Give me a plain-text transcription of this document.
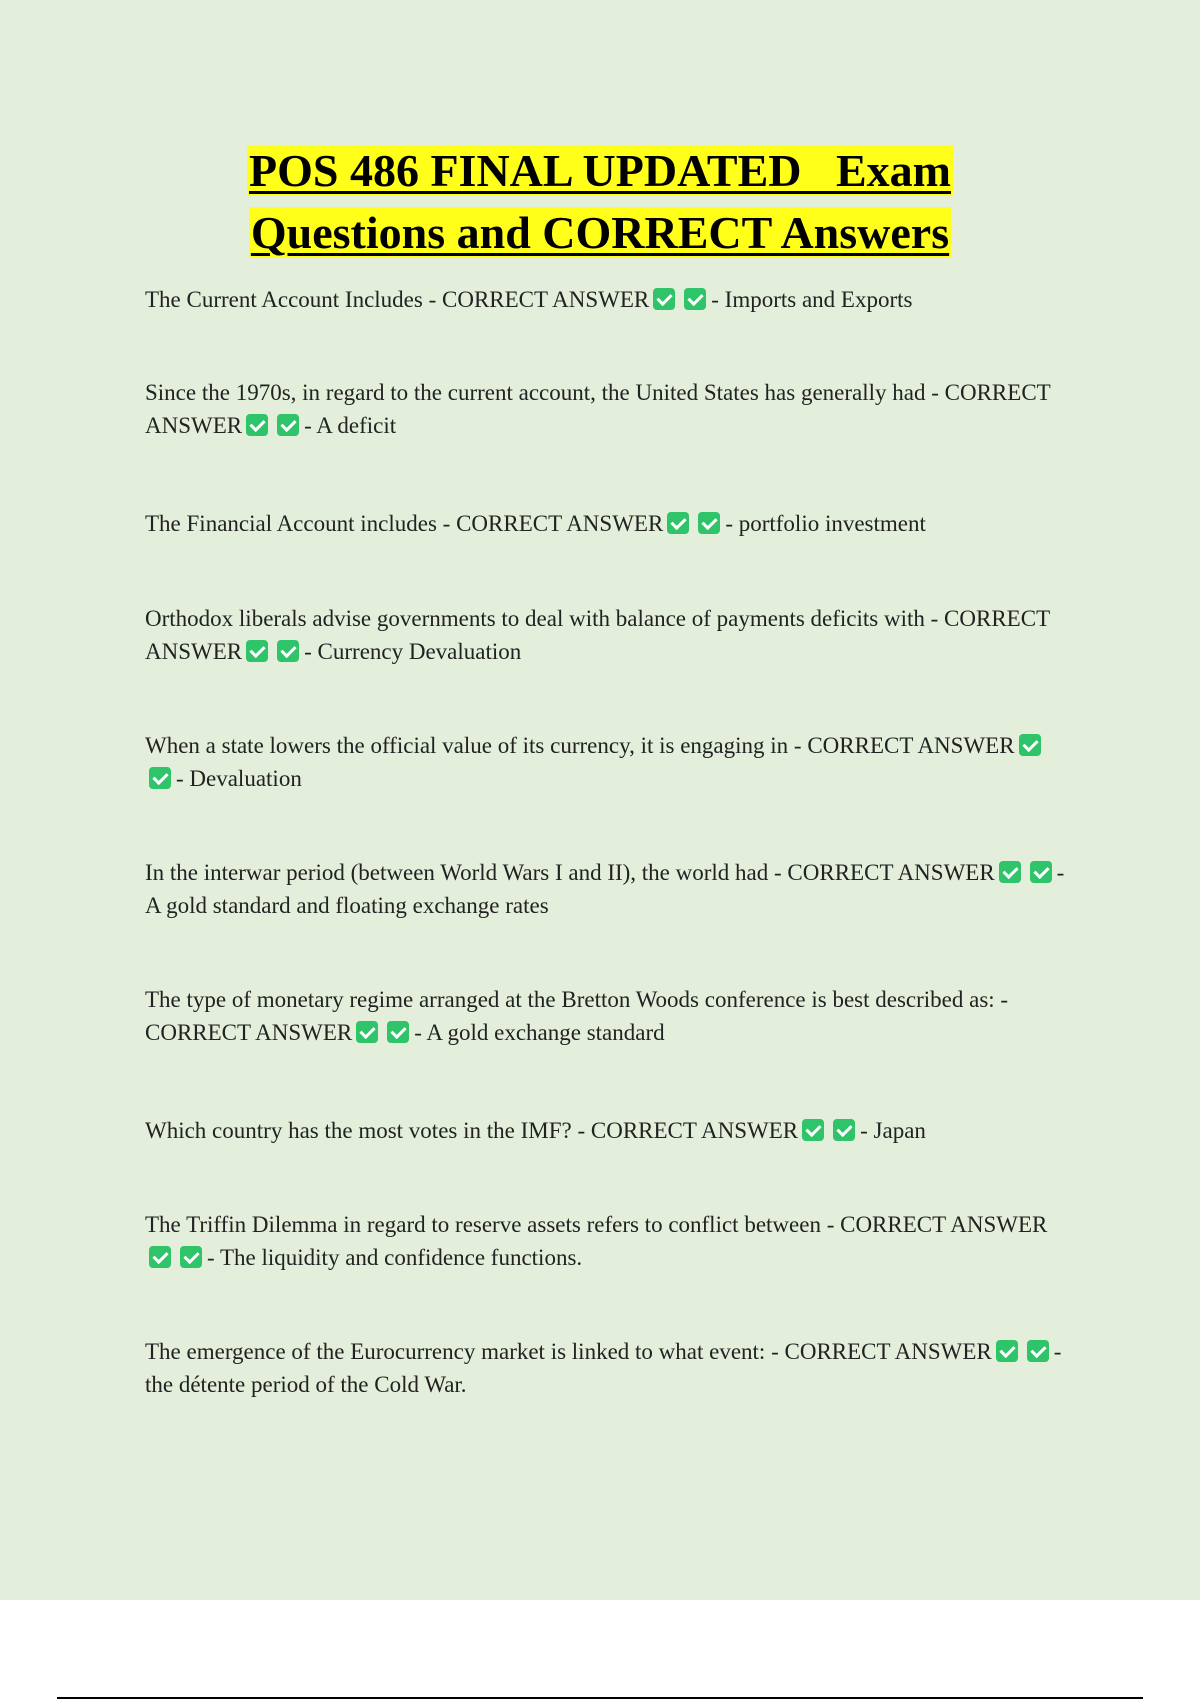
POS 486 FINAL UPDATED   Exam
Questions and CORRECT Answers

The Current Account Includes - CORRECT ANSWER	- Imports and Exports

Since the 1970s, in regard to the current account, the United States has generally had - CORRECT ANSWER	- A deficit

The Financial Account includes - CORRECT ANSWER	- portfolio investment

Orthodox liberals advise governments to deal with balance of payments deficits with - CORRECT ANSWER	- Currency Devaluation

When a state lowers the official value of its currency, it is engaging in - CORRECT ANSWER- Devaluation

In the interwar period (between World Wars I and II), the world had - CORRECT ANSWER	- A gold standard and floating exchange rates

The type of monetary regime arranged at the Bretton Woods conference is best described as: - CORRECT ANSWER	- A gold exchange standard

Which country has the most votes in the IMF? - CORRECT ANSWER	- Japan

The Triffin Dilemma in regard to reserve assets refers to conflict between - CORRECT ANSWER- The liquidity and confidence functions.

The emergence of the Eurocurrency market is linked to what event: - CORRECT ANSWER	- the détente period of the Cold War.
